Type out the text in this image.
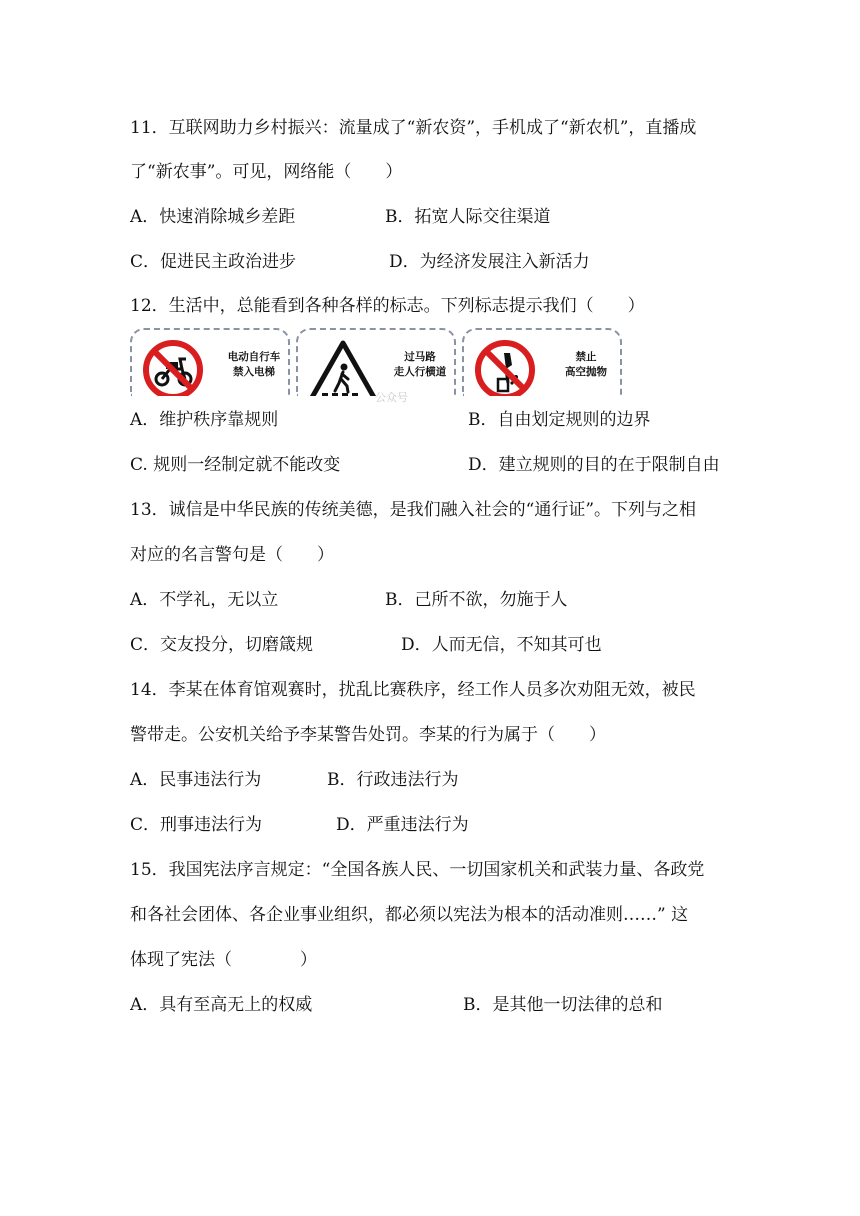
11．互联网助力乡村振兴：流量成了“新农资”，手机成了“新农机”，直播成
了“新农事”。可见，网络能（　　）
A．快速消除城乡差距	B．拓宽人际交往渠道
C．促进民主政治进步	D．为经济发展注入新活力
12．生活中，总能看到各种各样的标志。下列标志提示我们（　　）
电动自行车
禁入电梯
过马路
走人行横道
禁止
高空抛物
公众号
A．维护秩序靠规则	B．自由划定规则的边界
C. 规则一经制定就不能改变	D．建立规则的目的在于限制自由
13．诚信是中华民族的传统美德，是我们融入社会的“通行证”。下列与之相
对应的名言警句是（　　）
A．不学礼，无以立	B．己所不欲，勿施于人
C．交友投分，切磨箴规	D．人而无信，不知其可也
14．李某在体育馆观赛时，扰乱比赛秩序，经工作人员多次劝阻无效，被民
警带走。公安机关给予李某警告处罚。李某的行为属于（　　）
A．民事违法行为	B．行政违法行为
C．刑事违法行为	D．严重违法行为
15．我国宪法序言规定：“全国各族人民、一切国家机关和武装力量、各政党
和各社会团体、各企业事业组织，都必须以宪法为根本的活动准则……” 这
体现了宪法（　　　　）
A．具有至高无上的权威	B．是其他一切法律的总和
